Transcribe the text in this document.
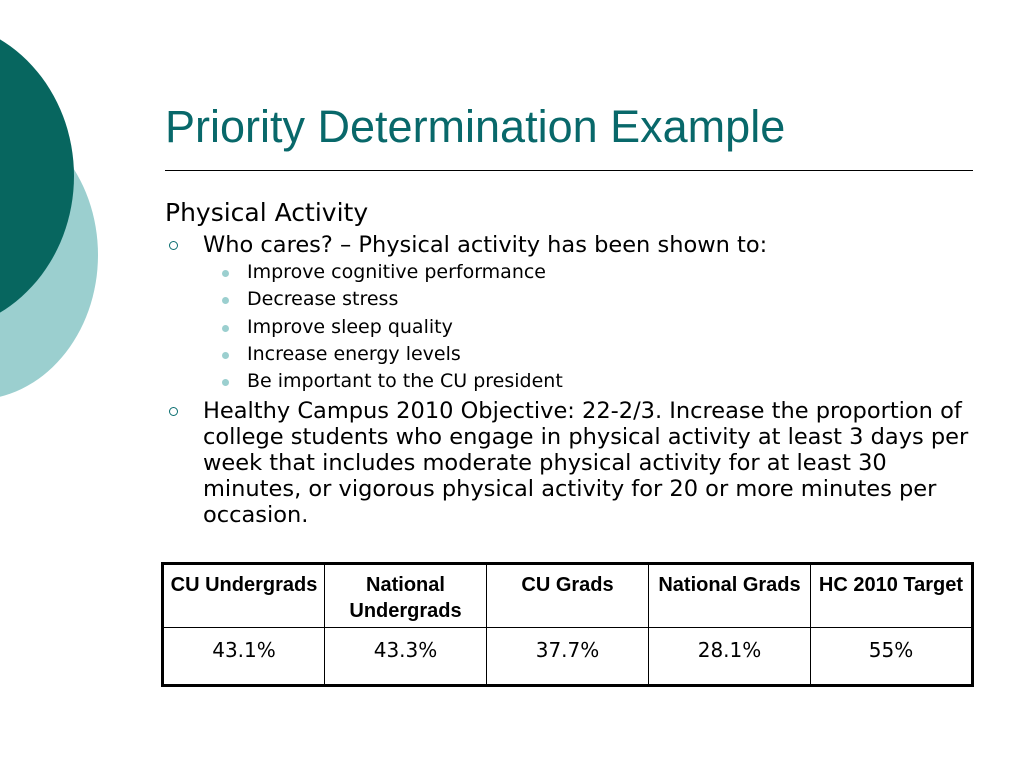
Priority Determination Example
Physical Activity
Who cares? – Physical activity has been shown to:
Improve cognitive performance
Decrease stress
Improve sleep quality
Increase energy levels
Be important to the CU president
Healthy Campus 2010 Objective: 22-2/3. Increase the proportion of college students who engage in physical activity at least 3 days per week that includes moderate physical activity for at least 30 minutes, or vigorous physical activity for 20 or more minutes per occasion.
CU Undergrads	National Undergrads	CU Grads	National Grads	HC 2010 Target
43.1%	43.3%	37.7%	28.1%	55%
